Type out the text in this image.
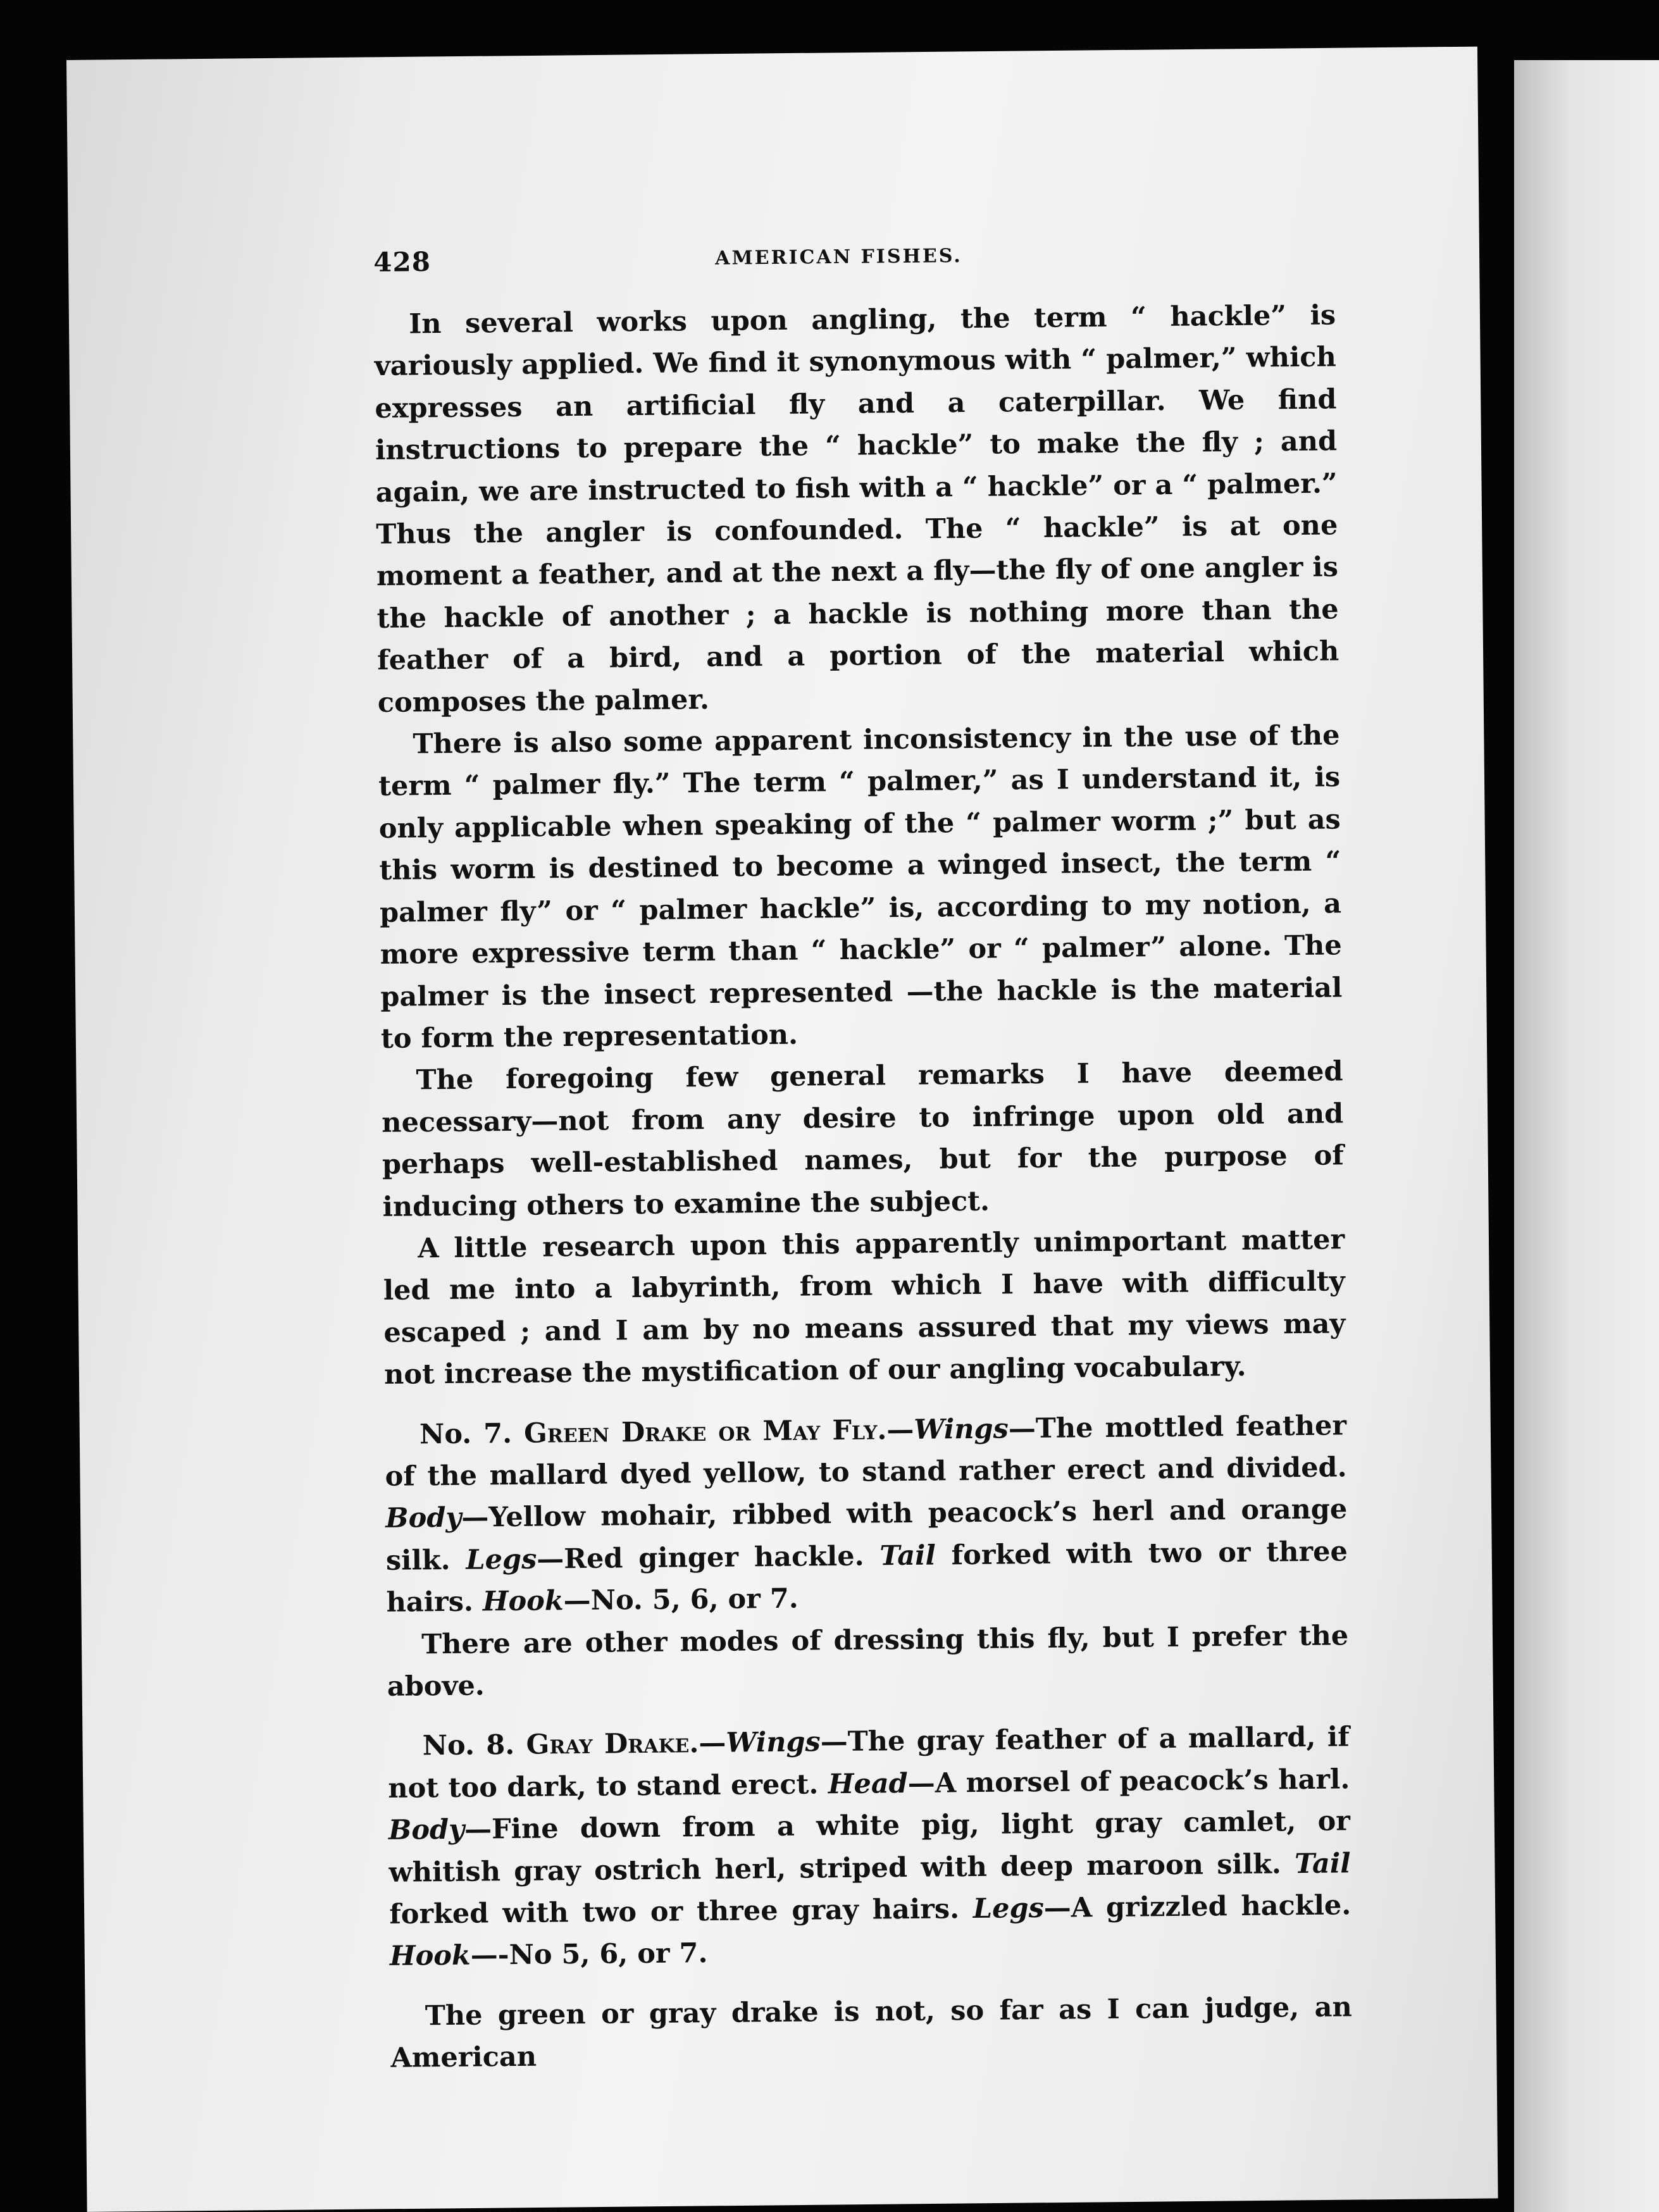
428	AMERICAN FISHES.

In several works upon angling, the term “ hackle” is variously applied. We find it synonymous with “ palmer,” which expresses an artificial fly and a caterpillar. We find instructions to prepare the “ hackle” to make the fly ; and again, we are instructed to fish with a “ hackle” or a “ palmer.” Thus the angler is confounded. The “ hackle” is at one moment a feather, and at the next a fly—the fly of one angler is the hackle of another ; a hackle is nothing more than the feather of a bird, and a portion of the material which composes the palmer.

There is also some apparent inconsistency in the use of the term “ palmer fly.” The term “ palmer,” as I understand it, is only applicable when speaking of the “ palmer worm ;” but as this worm is destined to become a winged insect, the term “ palmer fly” or “ palmer hackle” is, according to my notion, a more expressive term than “ hackle” or “ palmer” alone. The palmer is the insect represented —the hackle is the material to form the representation.

The foregoing few general remarks I have deemed necessary—not from any desire to infringe upon old and perhaps well-established names, but for the purpose of inducing others to examine the subject.

A little research upon this apparently unimportant matter led me into a labyrinth, from which I have with difficulty escaped ; and I am by no means assured that my views may not increase the mystification of our angling vocabulary.

No. 7. Green Drake or May Fly.—Wings—The mottled feather of the mallard dyed yellow, to stand rather erect and divided. Body—Yellow mohair, ribbed with peacock’s herl and orange silk. Legs—Red ginger hackle. Tail forked with two or three hairs. Hook—No. 5, 6, or 7.

There are other modes of dressing this fly, but I prefer the above.

No. 8. Gray Drake.—Wings—The gray feather of a mallard, if not too dark, to stand erect. Head—A morsel of peacock’s harl. Body—Fine down from a white pig, light gray camlet, or whitish gray ostrich herl, striped with deep maroon silk. Tail forked with two or three gray hairs. Legs—A grizzled hackle. Hook—-No 5, 6, or 7.

The green or gray drake is not, so far as I can judge, an American
